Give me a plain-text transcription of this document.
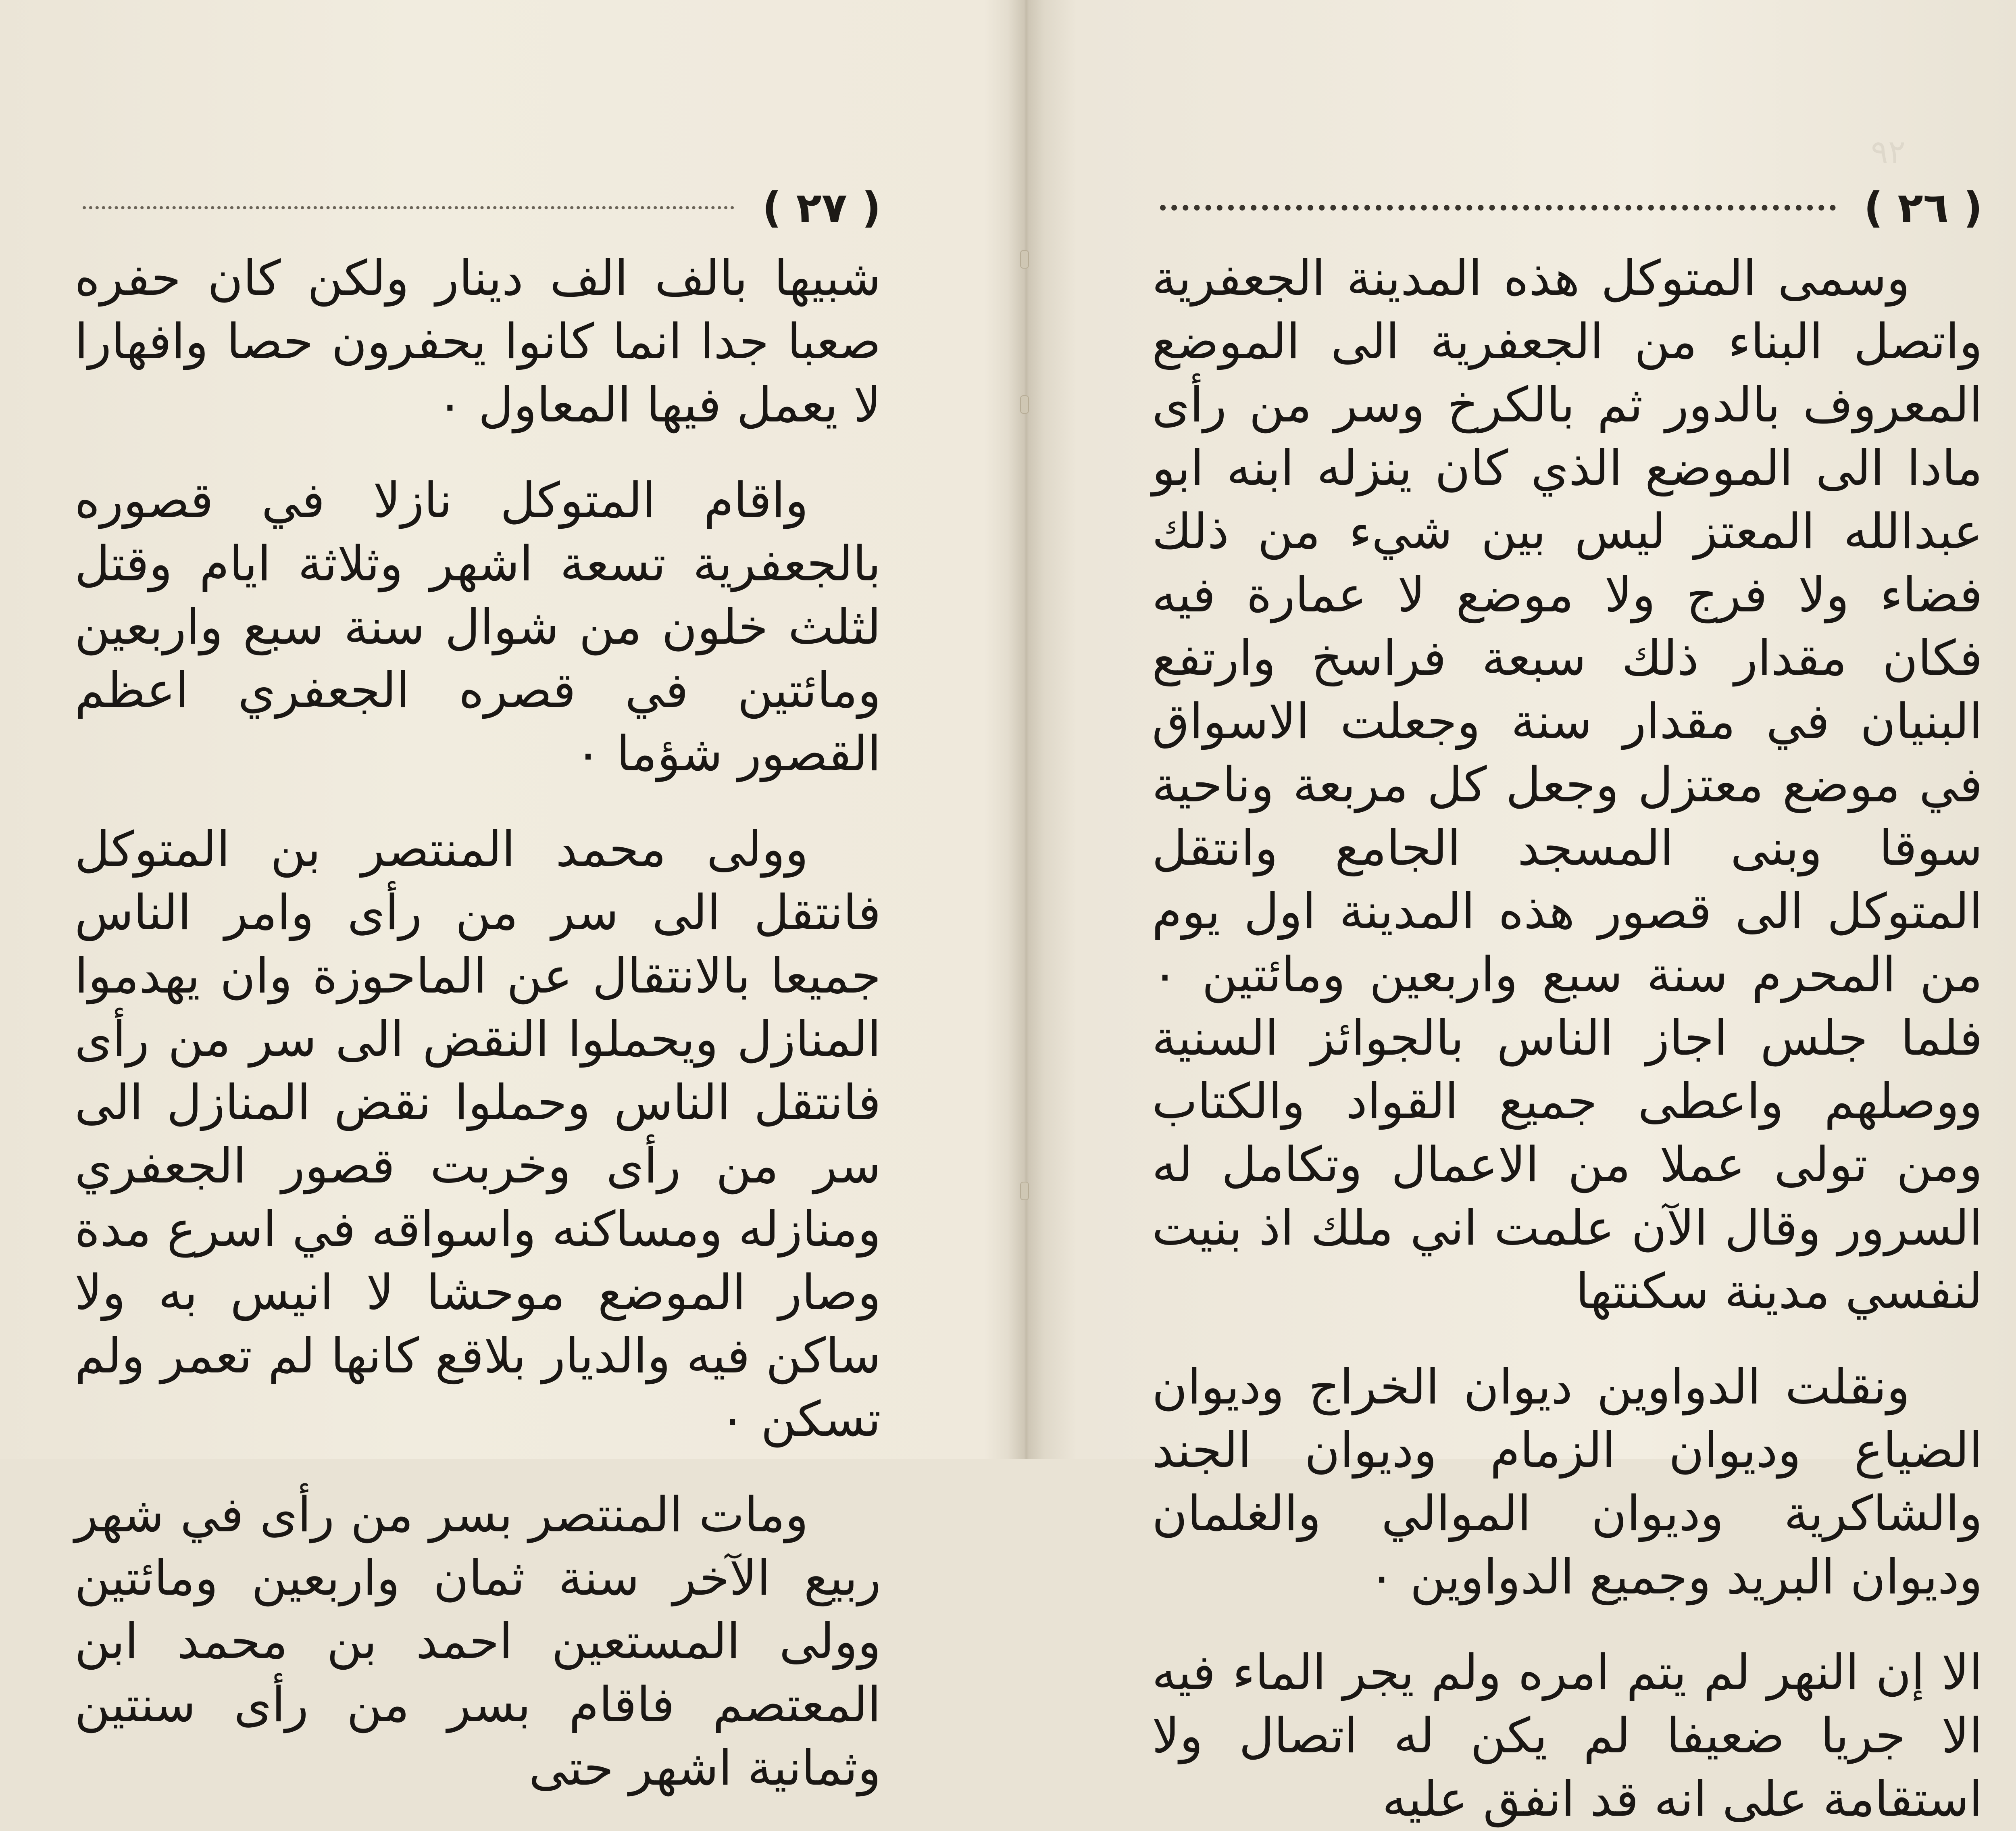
٩٢
( ٢٧ )

شبيها بالف الف دينار ولكن كان حفره صعبا جدا انما كانوا يحفرون حصا وافهارا لا يعمل فيها المعاول ٠

واقام المتوكل نازلا في قصوره بالجعفرية تسعة اشهر وثلاثة ايام وقتل لثلث خلون من شوال سنة سبع واربعين ومائتين في قصره الجعفري اعظم القصور شؤما ٠

وولى محمد المنتصر بن المتوكل فانتقل الى سر من رأى وامر الناس جميعا بالانتقال عن الماحوزة وان يهدموا المنازل ويحملوا النقض الى سر من رأى فانتقل الناس وحملوا نقض المنازل الى سر من رأى وخربت قصور الجعفري ومنازله ومساكنه واسواقه في اسرع مدة وصار الموضع موحشا لا انيس به ولا ساكن فيه والديار بلاقع كانها لم تعمر ولم تسكن ٠

ومات المنتصر بسر من رأى في شهر ربيع الآخر سنة ثمان واربعين ومائتين وولى المستعين احمد بن محمد ابن المعتصم فاقام بسر من رأى سنتين وثمانية اشهر حتى

( ٢٦ )

وسمى المتوكل هذه المدينة الجعفرية واتصل البناء من الجعفرية الى الموضع المعروف بالدور ثم بالكرخ وسر من رأى مادا الى الموضع الذي كان ينزله ابنه ابو عبدالله المعتز ليس بين شيء من ذلك فضاء ولا فرج ولا موضع لا عمارة فيه فكان مقدار ذلك سبعة فراسخ وارتفع البنيان في مقدار سنة وجعلت الاسواق في موضع معتزل وجعل كل مربعة وناحية سوقا وبنى المسجد الجامع وانتقل المتوكل الى قصور هذه المدينة اول يوم من المحرم سنة سبع واربعين ومائتين ٠ فلما جلس اجاز الناس بالجوائز السنية ووصلهم واعطى جميع القواد والكتاب ومن تولى عملا من الاعمال وتكامل له السرور وقال الآن علمت اني ملك اذ بنيت لنفسي مدينة سكنتها

ونقلت الدواوين ديوان الخراج وديوان الضياع وديوان الزمام وديوان الجند والشاكرية وديوان الموالي والغلمان وديوان البريد وجميع الدواوين ٠

الا إن النهر لم يتم امره ولم يجر الماء فيه الا جريا ضعيفا لم يكن له اتصال ولا استقامة على انه قد انفق عليه
